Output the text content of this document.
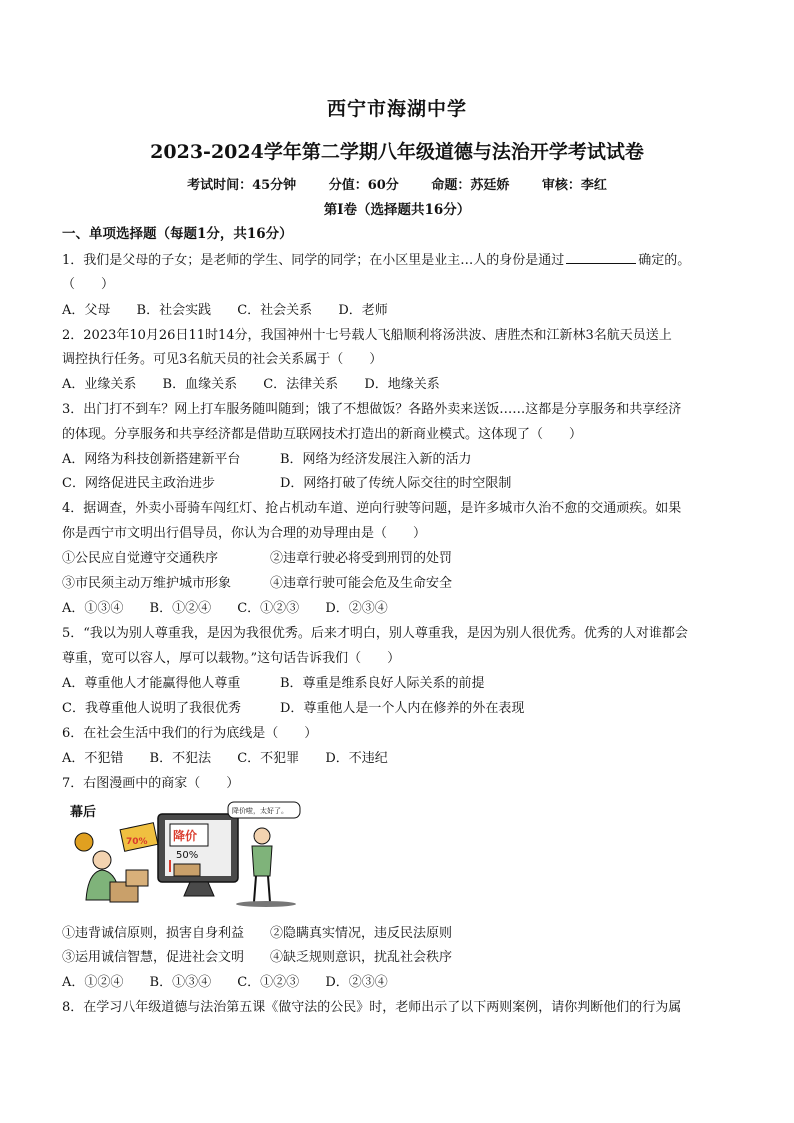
西宁市海湖中学
2023-2024学年第二学期八年级道德与法治开学考试试卷
考试时间：45分钟	分值：60分	命题：苏廷娇	审核：李红
第Ⅰ卷（选择题共16分）
一、单项选择题（每题1分，共16分）
1．我们是父母的子女；是老师的学生、同学的同学；在小区里是业主…人的身份是通过	确定的。
（　　）
A．父母 B．社会实践 C．社会关系 D．老师
2．2023年10月26日11时14分，我国神州十七号载人飞船顺利将汤洪波、唐胜杰和江新林3名航天员送上
调控执行任务。可见3名航天员的社会关系属于（　　）
A．业缘关系 B．血缘关系 C．法律关系 D．地缘关系
3．出门打不到车？网上打车服务随叫随到；饿了不想做饭？各路外卖来送饭……这都是分享服务和共享经济
的体现。分享服务和共享经济都是借助互联网技术打造出的新商业模式。这体现了（　　）
A．网络为科技创新搭建新平台	B．网络为经济发展注入新的活力
C．网络促进民主政治进步	D．网络打破了传统人际交往的时空限制
4．据调查，外卖小哥骑车闯红灯、抢占机动车道、逆向行驶等问题，是许多城市久治不愈的交通顽疾。如果
你是西宁市文明出行倡导员，你认为合理的劝导理由是（　　）
①公民应自觉遵守交通秩序	②违章行驶必将受到刑罚的处罚
③市民须主动万维护城市形象	④违章行驶可能会危及生命安全
A．①③④ B．①②④ C．①②③ D．②③④
5．“我以为别人尊重我，是因为我很优秀。后来才明白，别人尊重我，是因为别人很优秀。优秀的人对谁都会
尊重，宽可以容人，厚可以载物。”这句话告诉我们（　　）
A．尊重他人才能赢得他人尊重	B．尊重是维系良好人际关系的前提
C．我尊重他人说明了我很优秀	D．尊重他人是一个人内在修养的外在表现
6．在社会生活中我们的行为底线是（　　）
A．不犯错 B．不犯法 C．不犯罪 D．不违纪
7．右图漫画中的商家（　　）
幕后
70% 降价
50%
降价啦，太好了。
①违背诚信原则，损害自身利益 ②隐瞒真实情况，违反民法原则
③运用诚信智慧，促进社会文明 ④缺乏规则意识，扰乱社会秩序
A．①②④ B．①③④ C．①②③ D．②③④
8．在学习八年级道德与法治第五课《做守法的公民》时，老师出示了以下两则案例，请你判断他们的行为属
